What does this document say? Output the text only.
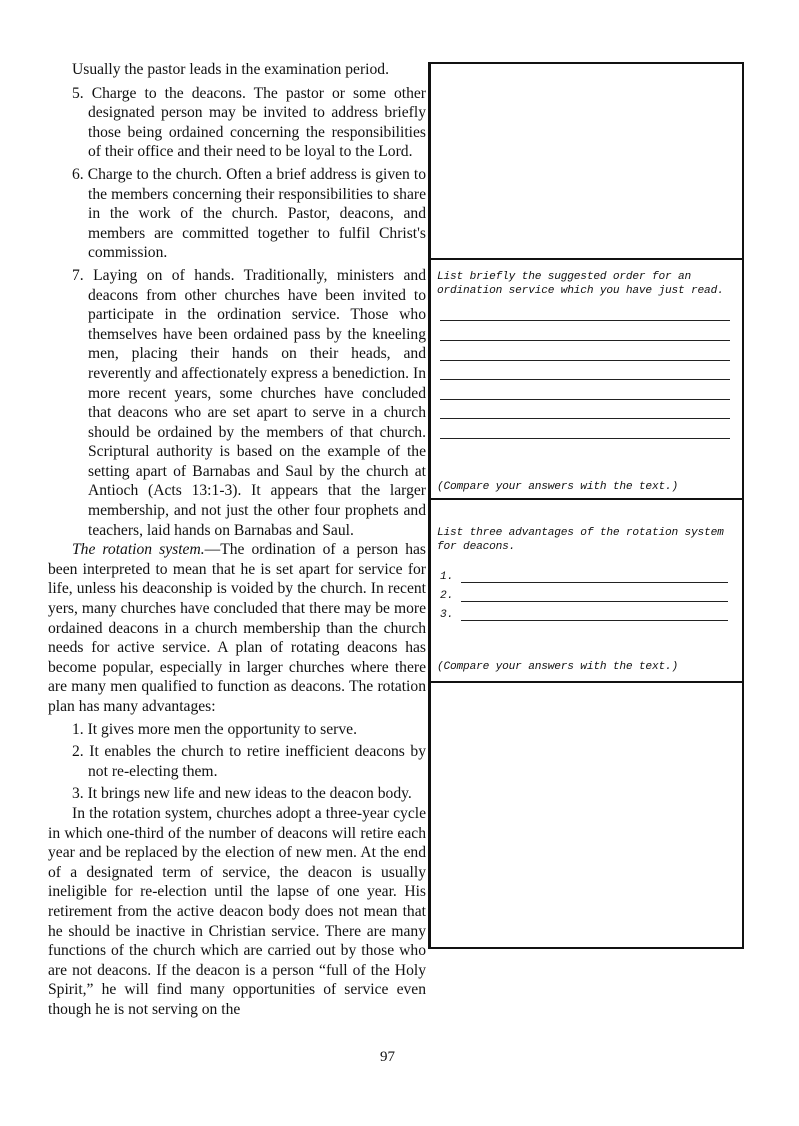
Usually the pastor leads in the examination period.

5. Charge to the deacons. The pastor or some other designated person may be invited to address briefly those being ordained concerning the responsibilities of their office and their need to be loyal to the Lord.

6. Charge to the church. Often a brief address is given to the members concerning their responsibilities to share in the work of the church. Pastor, deacons, and members are committed together to fulfil Christ's commission.

7. Laying on of hands. Traditionally, ministers and deacons from other churches have been invited to participate in the ordination service. Those who themselves have been ordained pass by the kneeling men, placing their hands on their heads, and reverently and affectionately express a benediction. In more recent years, some churches have concluded that deacons who are set apart to serve in a church should be ordained by the members of that church. Scriptural authority is based on the example of the setting apart of Barnabas and Saul by the church at Antioch (Acts 13:1-3). It appears that the larger membership, and not just the other four prophets and teachers, laid hands on Barnabas and Saul.

The rotation system.—The ordination of a person has been interpreted to mean that he is set apart for service for life, unless his deaconship is voided by the church. In recent yers, many churches have concluded that there may be more ordained deacons in a church membership than the church needs for active service. A plan of rotating deacons has become popular, especially in larger churches where there are many men qualified to function as deacons. The rotation plan has many advantages:

1. It gives more men the opportunity to serve.

2. It enables the church to retire inefficient deacons by not re-electing them.

3. It brings new life and new ideas to the deacon body.

In the rotation system, churches adopt a three-year cycle in which one-third of the number of deacons will retire each year and be replaced by the election of new men. At the end of a designated term of service, the deacon is usually ineligible for re-election until the lapse of one year. His retirement from the active deacon body does not mean that he should be inactive in Christian service. There are many functions of the church which are carried out by those who are not deacons. If the deacon is a person “full of the Holy Spirit,” he will find many opportunities of service even though he is not serving on the

List briefly the suggested order for an ordination service which you have just read.
(Compare your answers with the text.)
List three advantages of the rotation system for deacons.
1.
2.
3.
(Compare your answers with the text.)
97
